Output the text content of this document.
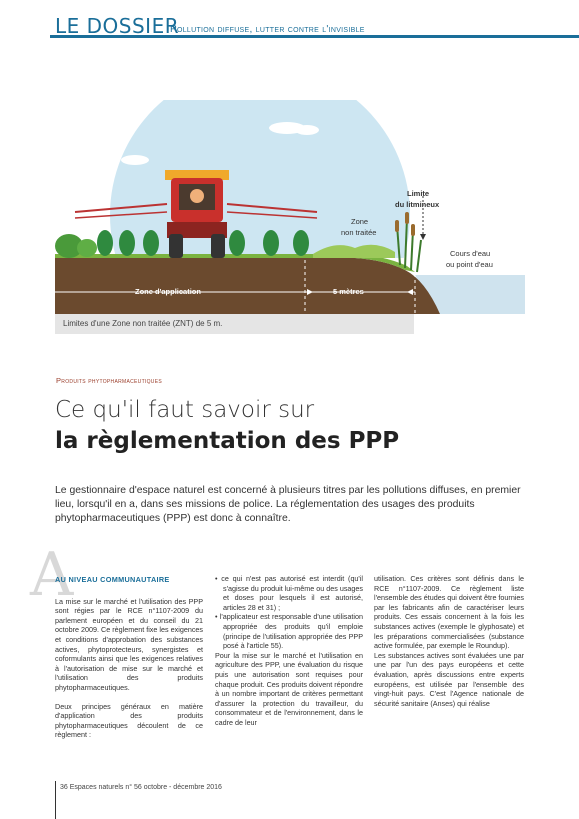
LE DOSSIER
Pollution diffuse, lutter contre l'invisible
Limite
du litmineux
Zone
non traitée
Cours d'eau
ou point d'eau
Zone d'application	5 mètres
Limites d'une Zone non traitée (ZNT) de 5 m.
Produits phytopharmaceutiques
Ce qu'il faut savoir sur
la règlementation des PPP
Le gestionnaire d'espace naturel est concerné à plusieurs titres par les pollutions diffuses, en premier lieu, lorsqu'il en a, dans ses missions de police. La réglementation des usages des produits phytopharmaceutiques (PPP) est donc à connaître.
A

AU NIVEAU COMMUNAUTAIRE

La mise sur le marché et l'utilisation des PPP sont régies par le RCE n°1107-2009 du parlement européen et du conseil du 21 octobre 2009. Ce règlement fixe les exigences et conditions d'approbation des substances actives, phytoprotecteurs, synergistes et coformulants ainsi que les exigences relatives à l'autorisation de mise sur le marché et l'utilisation des produits phytopharmaceutiques.

Deux principes généraux en matière d'application des produits phytopharmaceutiques découlent de ce règlement :

• ce qui n'est pas autorisé est interdit (qu'il s'agisse du produit lui-même ou des usages et doses pour lesquels il est autorisé, articles 28 et 31) ;

• l'applicateur est responsable d'une utilisation appropriée des produits qu'il emploie (principe de l'utilisation appropriée des PPP posé à l'article 55).

Pour la mise sur le marché et l'utilisation en agriculture des PPP, une évaluation du risque puis une autorisation sont requises pour chaque produit. Ces produits doivent répondre à un nombre important de critères permettant d'assurer la protection du travailleur, du consommateur et de l'environnement, dans le cadre de leur

utilisation. Ces critères sont définis dans le RCE n°1107-2009. Ce règlement liste l'ensemble des études qui doivent être fournies par les fabricants afin de caractériser leurs produits. Ces essais concernent à la fois les substances actives (exemple le glyphosate) et les préparations commercialisées (substance active formulée, par exemple le Roundup).

Les substances actives sont évaluées une par une par l'un des pays européens et cette évaluation, après discussions entre experts européens, est utilisée par l'ensemble des vingt-huit pays. C'est l'Agence nationale de sécurité sanitaire (Anses) qui réalise

36 Espaces naturels n° 56 octobre - décembre 2016
